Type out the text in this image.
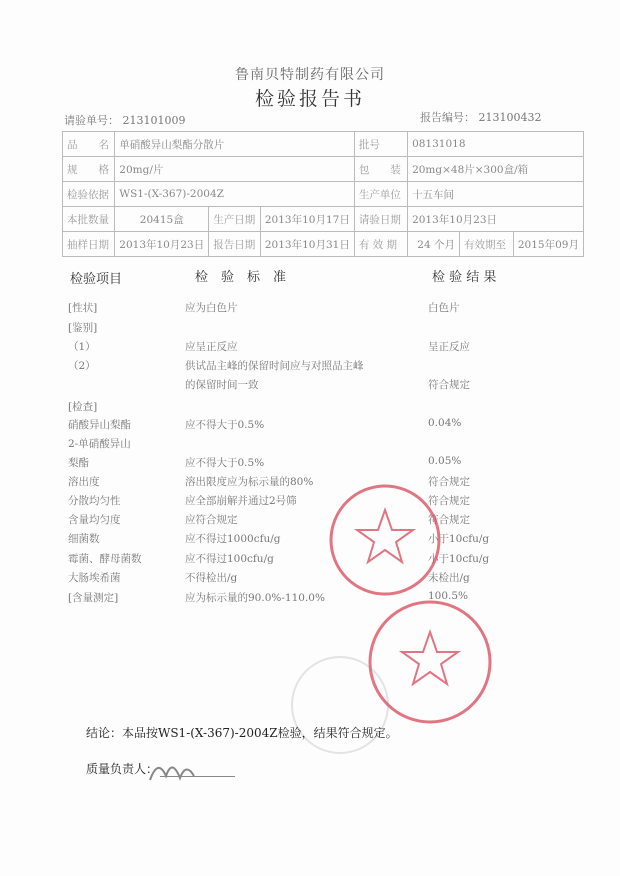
鲁南贝特制药有限公司
检验报告书
请验单号： 213101009	报告编号： 213100432
品　　名	单硝酸异山梨酯分散片			批号	08131018		
规　　格	20mg/片			包　　装	20mg×48片×300盒/箱		
检验依据	WS1-(X-367)-2004Z			生产单位	十五车间		
本批数量	20415盒	生产日期	2013年10月17日	请验日期	2013年10月23日		
抽样日期	2013年10月23日	报告日期	2013年10月31日	有 效 期	24 个月	有效期至	2015年09月
检验项目	检　验　标　准	检 验 结 果
[性状]	应为白色片	白色片
[鉴别]
（1）	应呈正反应	呈正反应
（2）	供试品主峰的保留时间应与对照品主峰
的保留时间一致	符合规定
[检查]
硝酸异山梨酯	应不得大于0.5%	0.04%
2-单硝酸异山
梨酯	应不得大于0.5%	0.05%
溶出度	溶出限度应为标示量的80%	符合规定
分散均匀性	应全部崩解并通过2号筛	符合规定
含量均匀度	应符合规定	符合规定
细菌数	应不得过1000cfu/g	小于10cfu/g
霉菌、酵母菌数	应不得过100cfu/g	小于10cfu/g
大肠埃希菌	不得检出/g	未检出/g
[含量测定]	应为标示量的90.0%-110.0%	100.5%
结论：本品按WS1-(X-367)-2004Z检验，结果符合规定。
质量负责人：
